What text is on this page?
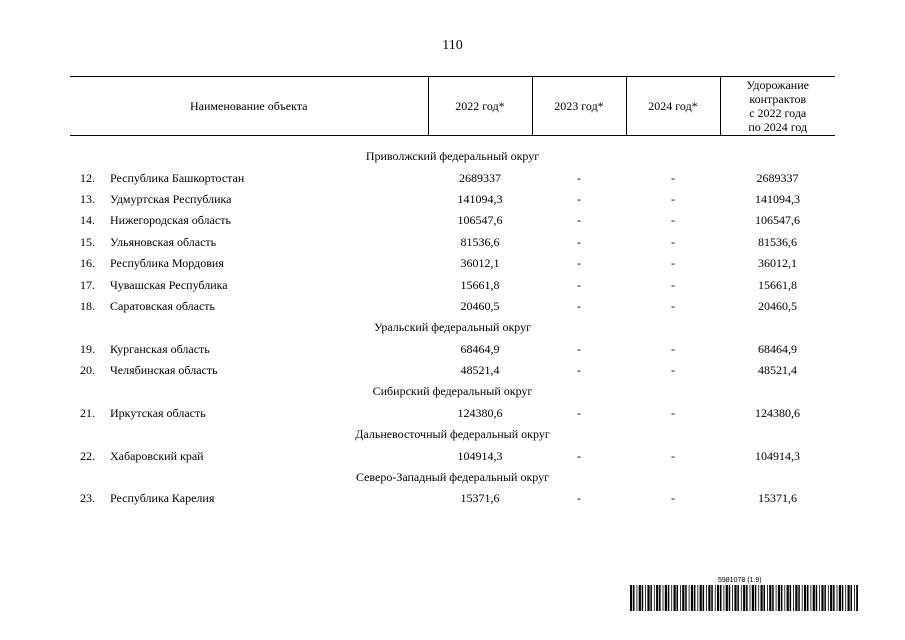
110
Наименование объекта		2022 год*	2023 год*	2024 год*	Удорожание
контрактов
с 2022 года
по 2024 год

Приволжский федеральный округ					
12.	Республика Башкортостан	2689337	-	-	2689337
13.	Удмуртская Республика	141094,3	-	-	141094,3
14.	Нижегородская область	106547,6	-	-	106547,6
15.	Ульяновская область	81536,6	-	-	81536,6
16.	Республика Мордовия	36012,1	-	-	36012,1
17.	Чувашская Республика	15661,8	-	-	15661,8
18.	Саратовская область	20460,5	-	-	20460,5
Уральский федеральный округ					
19.	Курганская область	68464,9	-	-	68464,9
20.	Челябинская область	48521,4	-	-	48521,4
Сибирский федеральный округ					
21.	Иркутская область	124380,6	-	-	124380,6
Дальневосточный федеральный округ					
22.	Хабаровский край	104914,3	-	-	104914,3
Северо-Западный федеральный округ					
23.	Республика Карелия	15371,6	-	-	15371,6
5981078 (1.9)
